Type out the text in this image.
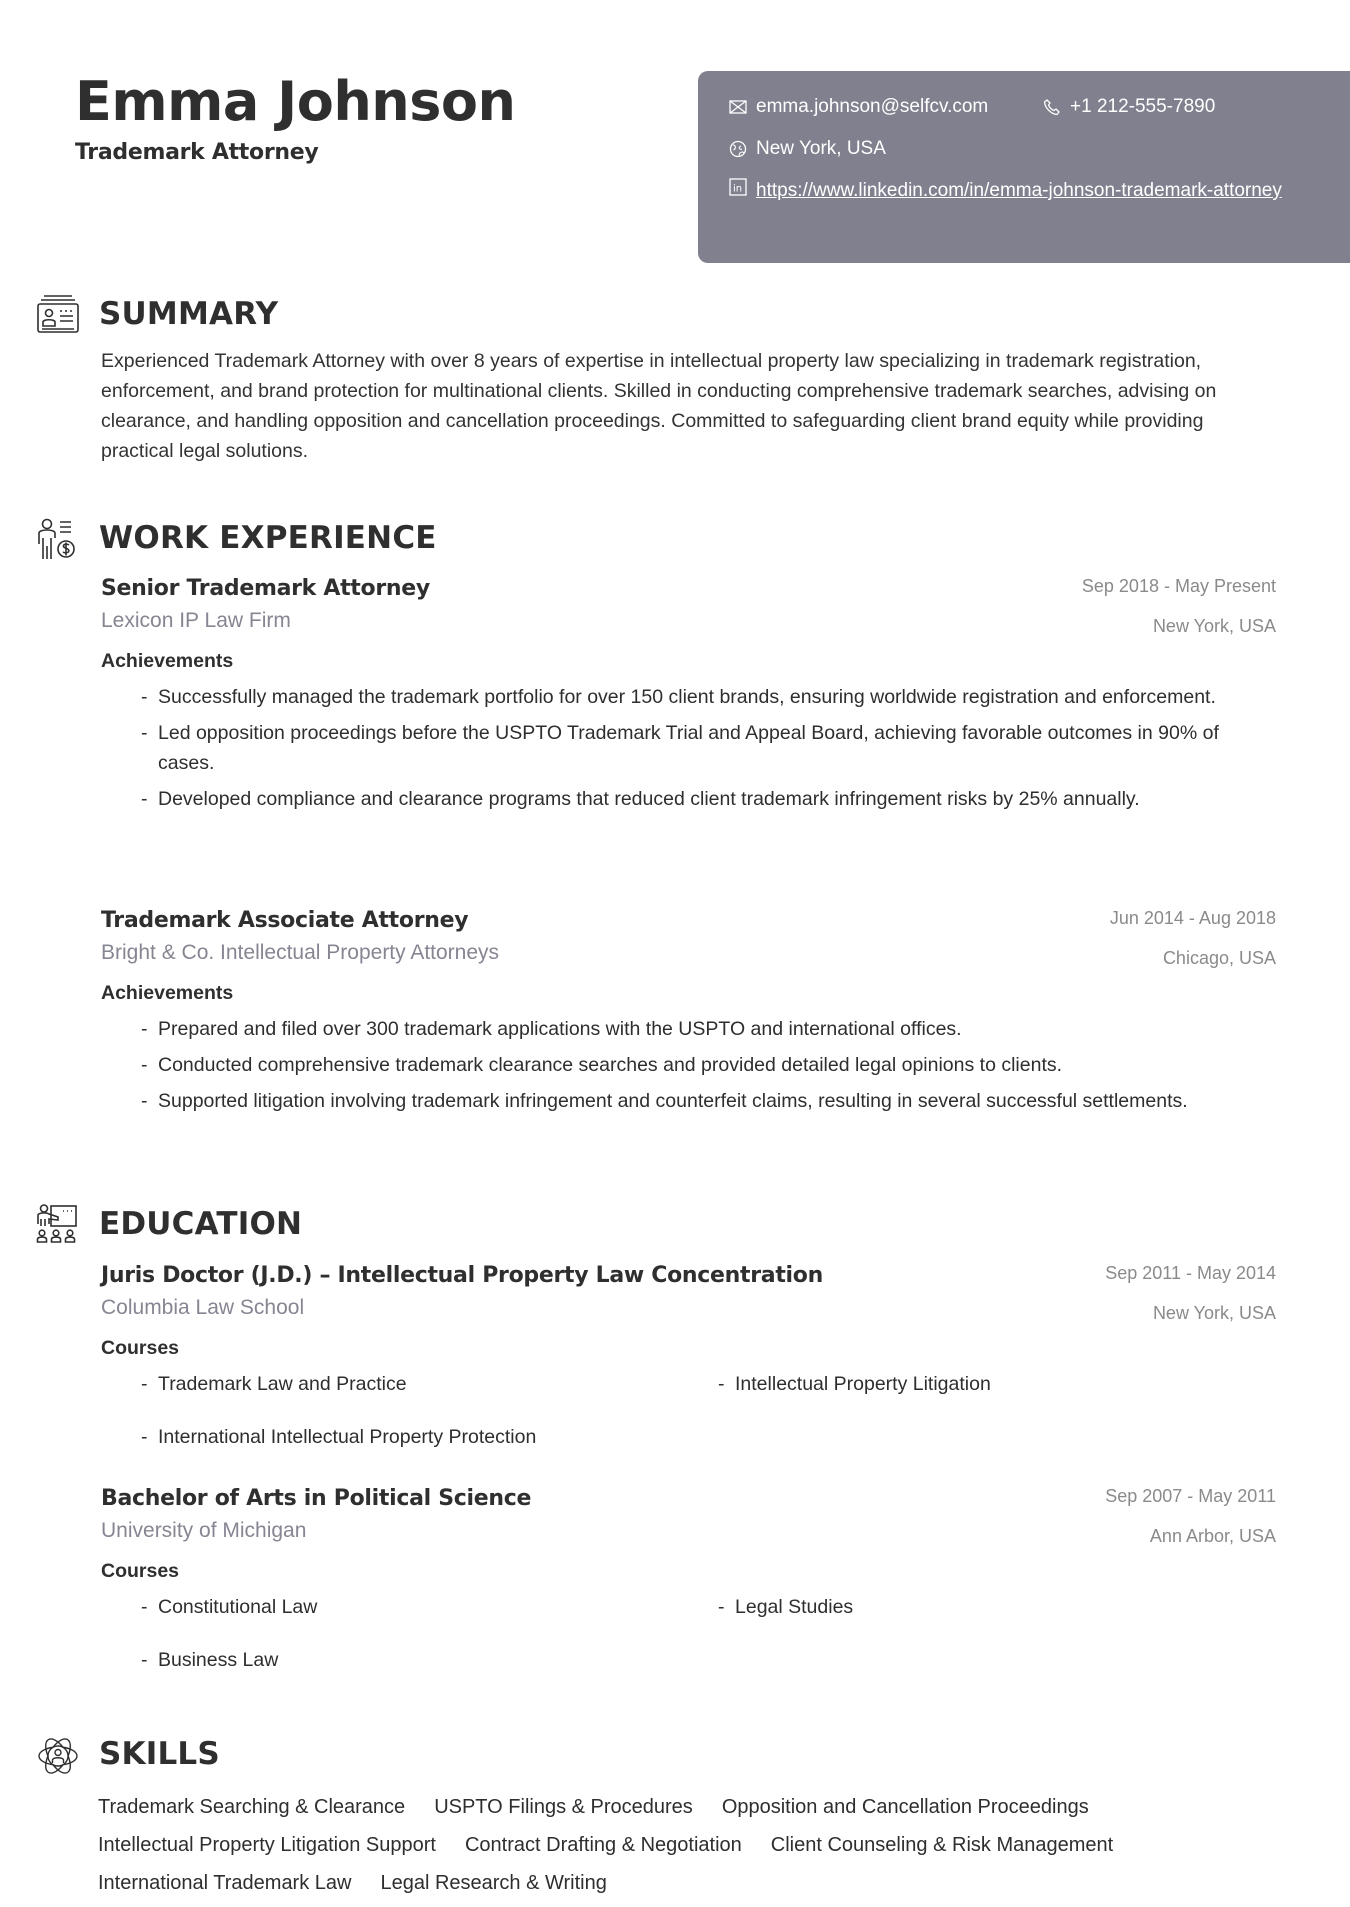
Emma Johnson
Trademark Attorney
emma.johnson@selfcv.com	+1 212-555-7890
New York, USA
in https://www.linkedin.com/in/emma-johnson-trademark-attorney
SUMMARY
Experienced Trademark Attorney with over 8 years of expertise in intellectual property law specializing in trademark registration, enforcement, and brand protection for multinational clients. Skilled in conducting comprehensive trademark searches, advising on clearance, and handling opposition and cancellation proceedings. Committed to safeguarding client brand equity while providing practical legal solutions.
WORK EXPERIENCE
Senior Trademark Attorney
Lexicon IP Law Firm
Sep 2018 - May Present
New York, USA
Achievements
- Successfully managed the trademark portfolio for over 150 client brands, ensuring worldwide registration and enforcement.
- Led opposition proceedings before the USPTO Trademark Trial and Appeal Board, achieving favorable outcomes in 90% of cases.
- Developed compliance and clearance programs that reduced client trademark infringement risks by 25% annually.
Trademark Associate Attorney
Bright & Co. Intellectual Property Attorneys
Jun 2014 - Aug 2018
Chicago, USA
Achievements
- Prepared and filed over 300 trademark applications with the USPTO and international offices.
- Conducted comprehensive trademark clearance searches and provided detailed legal opinions to clients.
- Supported litigation involving trademark infringement and counterfeit claims, resulting in several successful settlements.
EDUCATION
Juris Doctor (J.D.) – Intellectual Property Law Concentration
Columbia Law School
Sep 2011 - May 2014
New York, USA
Courses
- Trademark Law and Practice	- Intellectual Property Litigation
- International Intellectual Property Protection
Bachelor of Arts in Political Science
University of Michigan
Sep 2007 - May 2011
Ann Arbor, USA
Courses
- Constitutional Law	- Legal Studies
- Business Law
SKILLS
Trademark Searching & Clearance USPTO Filings & Procedures Opposition and Cancellation Proceedings
Intellectual Property Litigation Support Contract Drafting & Negotiation Client Counseling & Risk Management
International Trademark Law Legal Research & Writing
